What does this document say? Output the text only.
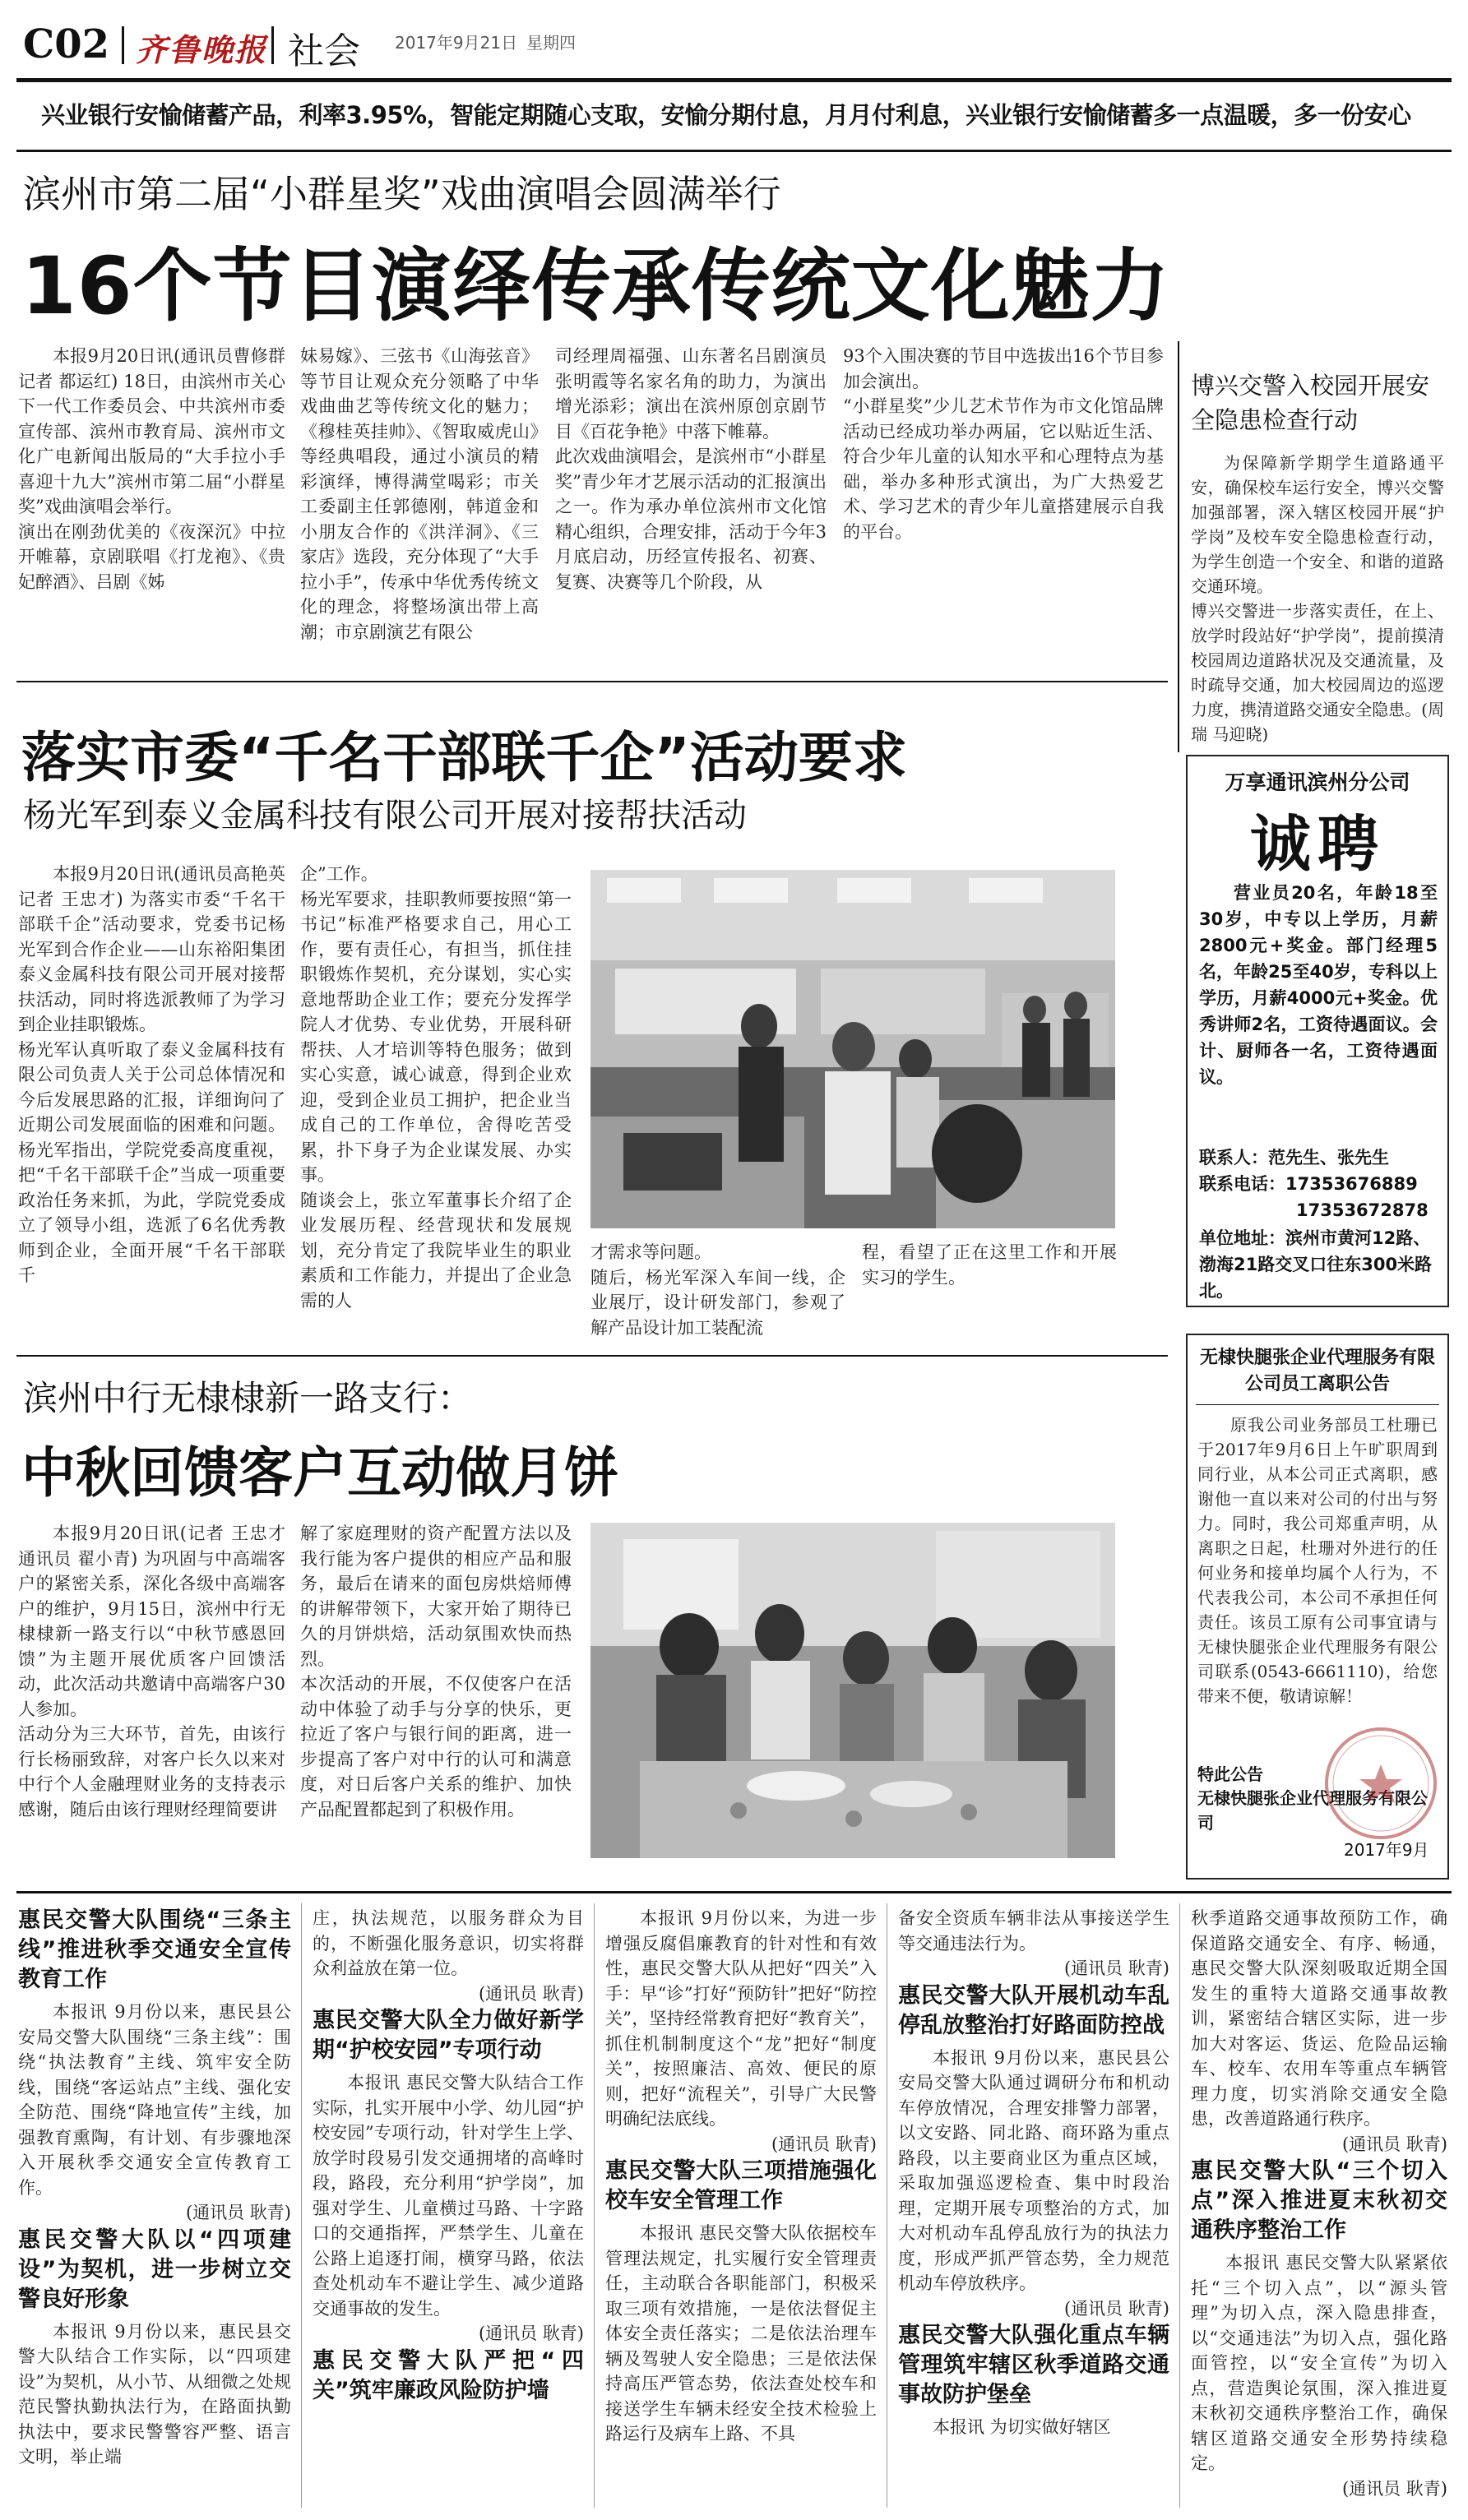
C02 齐鲁晚报 社会 2017年9月21日 星期四
兴业银行安愉储蓄产品，利率3.95%，智能定期随心支取，安愉分期付息，月月付利息，兴业银行安愉储蓄多一点温暖，多一份安心
滨州市第二届“小群星奖”戏曲演唱会圆满举行
16个节目演绎传承传统文化魅力
本报9月20日讯(通讯员曹修群 记者 都运红) 18日，由滨州市关心下一代工作委员会、中共滨州市委宣传部、滨州市教育局、滨州市文化广电新闻出版局的“大手拉小手 喜迎十九大”滨州市第二届“小群星奖”戏曲演唱会举行。
演出在刚劲优美的《夜深沉》中拉开帷幕，京剧联唱《打龙袍》、《贵妃醉酒》、吕剧《姊
妹易嫁》、三弦书《山海弦音》等节目让观众充分领略了中华戏曲曲艺等传统文化的魅力；《穆桂英挂帅》、《智取威虎山》等经典唱段，通过小演员的精彩演绎，博得满堂喝彩；市关工委副主任郭德刚，韩道金和小朋友合作的《洪洋洞》、《三家店》选段，充分体现了“大手拉小手”，传承中华优秀传统文化的理念，将整场演出带上高潮；市京剧演艺有限公
司经理周福强、山东著名吕剧演员张明霞等名家名角的助力，为演出增光添彩；演出在滨州原创京剧节目《百花争艳》中落下帷幕。
此次戏曲演唱会，是滨州市“小群星奖”青少年才艺展示活动的汇报演出之一。作为承办单位滨州市文化馆精心组织，合理安排，活动于今年3月底启动，历经宣传报名、初赛、复赛、决赛等几个阶段，从
93个入围决赛的节目中选拔出16个节目参加会演出。
“小群星奖”少儿艺术节作为市文化馆品牌活动已经成功举办两届，它以贴近生活、符合少年儿童的认知水平和心理特点为基础，举办多种形式演出，为广大热爱艺术、学习艺术的青少年儿童搭建展示自我的平台。
博兴交警入校园开展安全隐患检查行动
为保障新学期学生道路通平安，确保校车运行安全，博兴交警加强部署，深入辖区校园开展“护学岗”及校车安全隐患检查行动，为学生创造一个安全、和谐的道路交通环境。
博兴交警进一步落实责任，在上、放学时段站好“护学岗”，提前摸清校园周边道路状况及交通流量，及时疏导交通，加大校园周边的巡逻力度，携清道路交通安全隐患。(周瑞 马迎晓)
落实市委“千名干部联千企”活动要求
杨光军到泰义金属科技有限公司开展对接帮扶活动
本报9月20日讯(通讯员高艳英 记者 王忠才) 为落实市委“千名干部联千企”活动要求，党委书记杨光军到合作企业——山东裕阳集团泰义金属科技有限公司开展对接帮扶活动，同时将选派教师了为学习到企业挂职锻炼。
杨光军认真听取了泰义金属科技有限公司负责人关于公司总体情况和今后发展思路的汇报，详细询问了近期公司发展面临的困难和问题。杨光军指出，学院党委高度重视，把“千名干部联千企”当成一项重要政治任务来抓，为此，学院党委成立了领导小组，选派了6名优秀教师到企业，全面开展“千名干部联千
企”工作。
杨光军要求，挂职教师要按照“第一书记”标准严格要求自己，用心工作，要有责任心，有担当，抓住挂职锻炼作契机，充分谋划，实心实意地帮助企业工作；要充分发挥学院人才优势、专业优势，开展科研帮扶、人才培训等特色服务；做到实心实意，诚心诚意，得到企业欢迎，受到企业员工拥护，把企业当成自己的工作单位，舍得吃苦受累，扑下身子为企业谋发展、办实事。
随谈会上，张立军董事长介绍了企业发展历程、经营现状和发展规划，充分肯定了我院毕业生的职业素质和工作能力，并提出了企业急需的人
才需求等问题。
随后，杨光军深入车间一线，企业展厅，设计研发部门，参观了解产品设计加工装配流
程，看望了正在这里工作和开展实习的学生。
万享通讯滨州分公司
诚聘
营业员20名，年龄18至30岁，中专以上学历，月薪2800元+奖金。部门经理5名，年龄25至40岁，专科以上学历，月薪4000元+奖金。优秀讲师2名，工资待遇面议。会计、厨师各一名，工资待遇面议。
联系人：范先生、张先生
联系电话：17353676889
17353672878
单位地址：滨州市黄河12路、渤海21路交叉口往东300米路北。
滨州中行无棣棣新一路支行：
中秋回馈客户互动做月饼
本报9月20日讯(记者 王忠才 通讯员 翟小青) 为巩固与中高端客户的紧密关系，深化各级中高端客户的维护，9月15日，滨州中行无棣棣新一路支行以“中秋节感恩回馈”为主题开展优质客户回馈活动，此次活动共邀请中高端客户30人参加。
活动分为三大环节，首先，由该行行长杨丽致辞，对客户长久以来对中行个人金融理财业务的支持表示感谢，随后由该行理财经理简要讲
解了家庭理财的资产配置方法以及我行能为客户提供的相应产品和服务，最后在请来的面包房烘焙师傅的讲解带领下，大家开始了期待已久的月饼烘焙，活动氛围欢快而热烈。
本次活动的开展，不仅使客户在活动中体验了动手与分享的快乐，更拉近了客户与银行间的距离，进一步提高了客户对中行的认可和满意度，对日后客户关系的维护、加快产品配置都起到了积极作用。
无棣快腿张企业代理服务有限公司员工离职公告
原我公司业务部员工杜珊已于2017年9月6日上午旷职周到同行业，从本公司正式离职，感谢他一直以来对公司的付出与努力。同时，我公司郑重声明，从离职之日起，杜珊对外进行的任何业务和接单均属个人行为，不代表我公司，本公司不承担任何责任。该员工原有公司事宜请与无棣快腿张企业代理服务有限公司联系(0543-6661110)，给您带来不便，敬请谅解！
特此公告
无棣快腿张企业代理服务有限公司
2017年9月
惠民交警大队围绕“三条主线”推进秋季交通安全宣传教育工作

本报讯 9月份以来，惠民县公安局交警大队围绕“三条主线”：围绕“执法教育”主线、筑牢安全防线，围绕“客运站点”主线、强化安全防范、围绕“降地宣传”主线，加强教育熏陶，有计划、有步骤地深入开展秋季交通安全宣传教育工作。

(通讯员 耿青)

惠民交警大队以“四项建设”为契机，进一步树立交警良好形象

本报讯 9月份以来，惠民县交警大队结合工作实际，以“四项建设”为契机，从小节、从细微之处规范民警执勤执法行为，在路面执勤执法中，要求民警警容严整、语言文明，举止端

庄，执法规范，以服务群众为目的，不断强化服务意识，切实将群众利益放在第一位。

(通讯员 耿青)

惠民交警大队全力做好新学期“护校安园”专项行动

本报讯 惠民交警大队结合工作实际，扎实开展中小学、幼儿园“护校安园”专项行动，针对学生上学、放学时段易引发交通拥堵的高峰时段，路段，充分利用“护学岗”，加强对学生、儿童横过马路、十字路口的交通指挥，严禁学生、儿童在公路上追逐打闹，横穿马路，依法查处机动车不避让学生、减少道路交通事故的发生。

(通讯员 耿青)

惠民交警大队严把“四关”筑牢廉政风险防护墙

本报讯 9月份以来，为进一步增强反腐倡廉教育的针对性和有效性，惠民交警大队从把好“四关”入手：早“诊”打好“预防针”把好“防控关”，坚持经常教育把好“教育关”，抓住机制制度这个“龙”把好“制度关”，按照廉洁、高效、便民的原则，把好“流程关”，引导广大民警明确纪法底线。

(通讯员 耿青)

惠民交警大队三项措施强化校车安全管理工作

本报讯 惠民交警大队依据校车管理法规定，扎实履行安全管理责任，主动联合各职能部门，积极采取三项有效措施，一是依法督促主体安全责任落实；二是依法治理车辆及驾驶人安全隐患；三是依法保持高压严管态势，依法查处校车和接送学生车辆未经安全技术检验上路运行及病车上路、不具

备安全资质车辆非法从事接送学生等交通违法行为。

(通讯员 耿青)

惠民交警大队开展机动车乱停乱放整治打好路面防控战

本报讯 9月份以来，惠民县公安局交警大队通过调研分布和机动车停放情况，合理安排警力部署，以文安路、同北路、商环路为重点路段，以主要商业区为重点区域，采取加强巡逻检查、集中时段治理，定期开展专项整治的方式，加大对机动车乱停乱放行为的执法力度，形成严抓严管态势，全力规范机动车停放秩序。

(通讯员 耿青)

惠民交警大队强化重点车辆管理筑牢辖区秋季道路交通事故防护堡垒

本报讯 为切实做好辖区

秋季道路交通事故预防工作，确保道路交通安全、有序、畅通，惠民交警大队深刻吸取近期全国发生的重特大道路交通事故教训，紧密结合辖区实际，进一步加大对客运、货运、危险品运输车、校车、农用车等重点车辆管理力度，切实消除交通安全隐患，改善道路通行秩序。

(通讯员 耿青)

惠民交警大队“三个切入点”深入推进夏末秋初交通秩序整治工作

本报讯 惠民交警大队紧紧依托“三个切入点”，以“源头管理”为切入点，深入隐患排查，以“交通违法”为切入点，强化路面管控，以“安全宣传”为切入点，营造舆论氛围，深入推进夏末秋初交通秩序整治工作，确保辖区道路交通安全形势持续稳定。

(通讯员 耿青)
